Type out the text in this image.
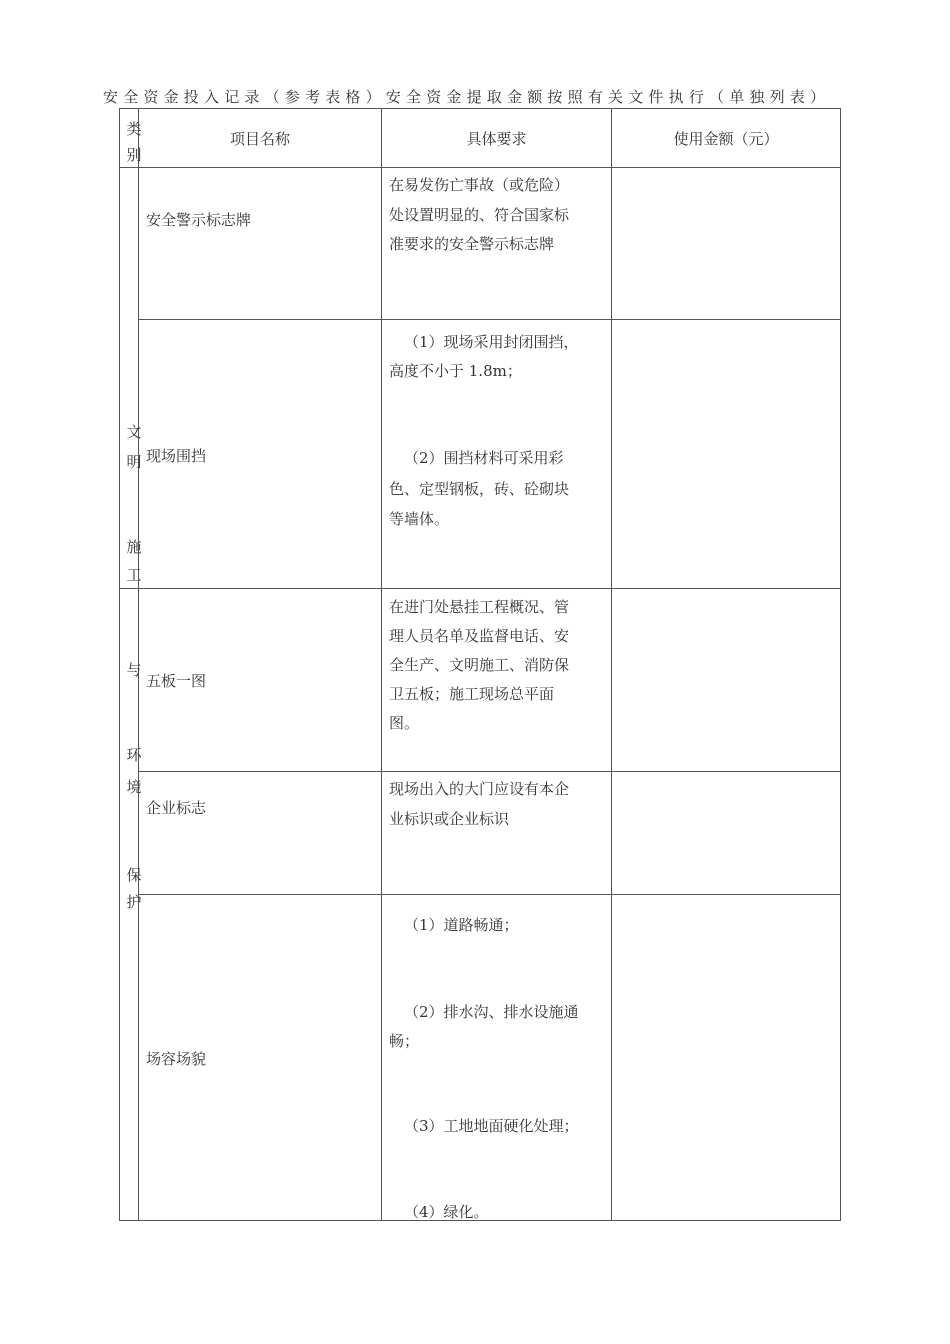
安全资金投入记录（参考表格）安全资金提取金额按照有关文件执行（单独列表）
类
别
项目名称	具体要求	使用金额（元）
文
明
施
工
与
环
境
保
护
安全警示标志牌
在易发伤亡事故（或危险）
处设置明显的、符合国家标
准要求的安全警示标志牌
现场围挡
（1）现场采用封闭围挡，
高度不小于 1.8m；
（2）围挡材料可采用彩
色、定型钢板，砖、砼砌块
等墙体。
五板一图
在进门处悬挂工程概况、管
理人员名单及监督电话、安
全生产、文明施工、消防保
卫五板；施工现场总平面
图。
企业标志
现场出入的大门应设有本企
业标识或企业标识
场容场貌
（1）道路畅通；
（2）排水沟、排水设施通
畅；
（3）工地地面硬化处理；
（4）绿化。
